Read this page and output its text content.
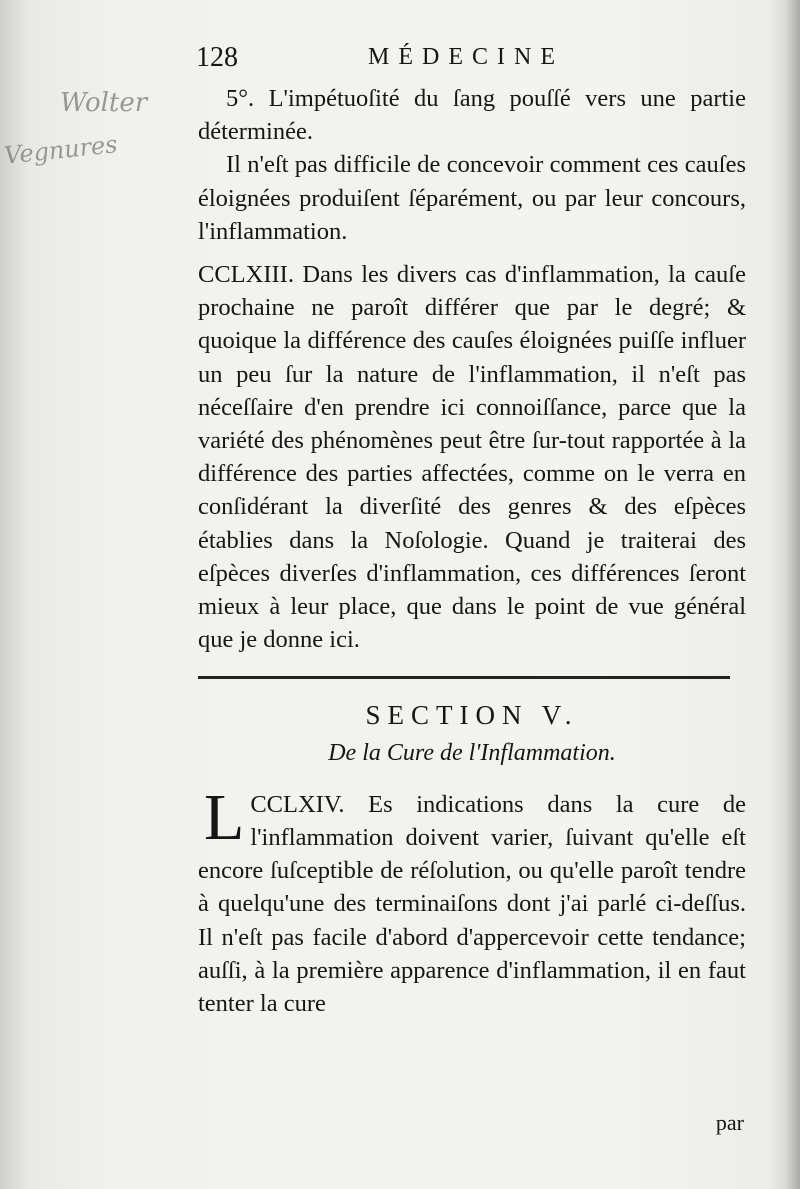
Wolter
Vegnures
128	MÉDECINE

5°. L'impétuoſité du ſang pouſſé vers une partie déterminée.

Il n'eſt pas difficile de concevoir comment ces cauſes éloignées produiſent ſéparément, ou par leur concours, l'inflammation.

CCLXIII. Dans les divers cas d'inflammation, la cauſe prochaine ne paroît différer que par le degré; & quoique la différence des cauſes éloignées puiſſe influer un peu ſur la nature de l'inflammation, il n'eſt pas néceſſaire d'en prendre ici connoiſſance, parce que la variété des phénomènes peut être ſur-tout rapportée à la différence des parties affectées, comme on le verra en conſidérant la diverſité des genres & des eſpèces établies dans la Noſologie. Quand je traiterai des eſpèces diverſes d'inflammation, ces différences ſeront mieux à leur place, que dans le point de vue général que je donne ici.

SECTION V.
De la Cure de l'Inflammation.

CCLXIV.
L	Es indications dans la cure de l'inflammation doivent varier, ſuivant qu'elle eſt encore ſuſceptible de réſolution, ou qu'elle paroît tendre à quelqu'une des terminaiſons dont j'ai parlé ci-deſſus. Il n'eſt pas facile d'abord d'appercevoir cette tendance; auſſi, à la première apparence d'inflammation, il en faut tenter la cure

par
